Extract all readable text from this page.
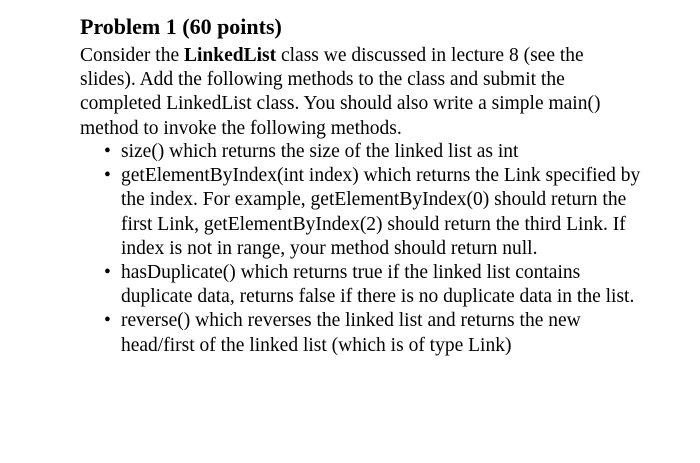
Problem 1 (60 points)

Consider the LinkedList class we discussed in lecture 8 (see the slides). Add the following methods to the class and submit the completed LinkedList class. You should also write a simple main() method to invoke the following methods.

• size() which returns the size of the linked list as int
• getElementByIndex(int index) which returns the Link specified by the index. For example, getElementByIndex(0) should return the first Link, getElementByIndex(2) should return the third Link. If index is not in range, your method should return null.
• hasDuplicate() which returns true if the linked list contains duplicate data, returns false if there is no duplicate data in the list.
• reverse() which reverses the linked list and returns the new head/first of the linked list (which is of type Link)
